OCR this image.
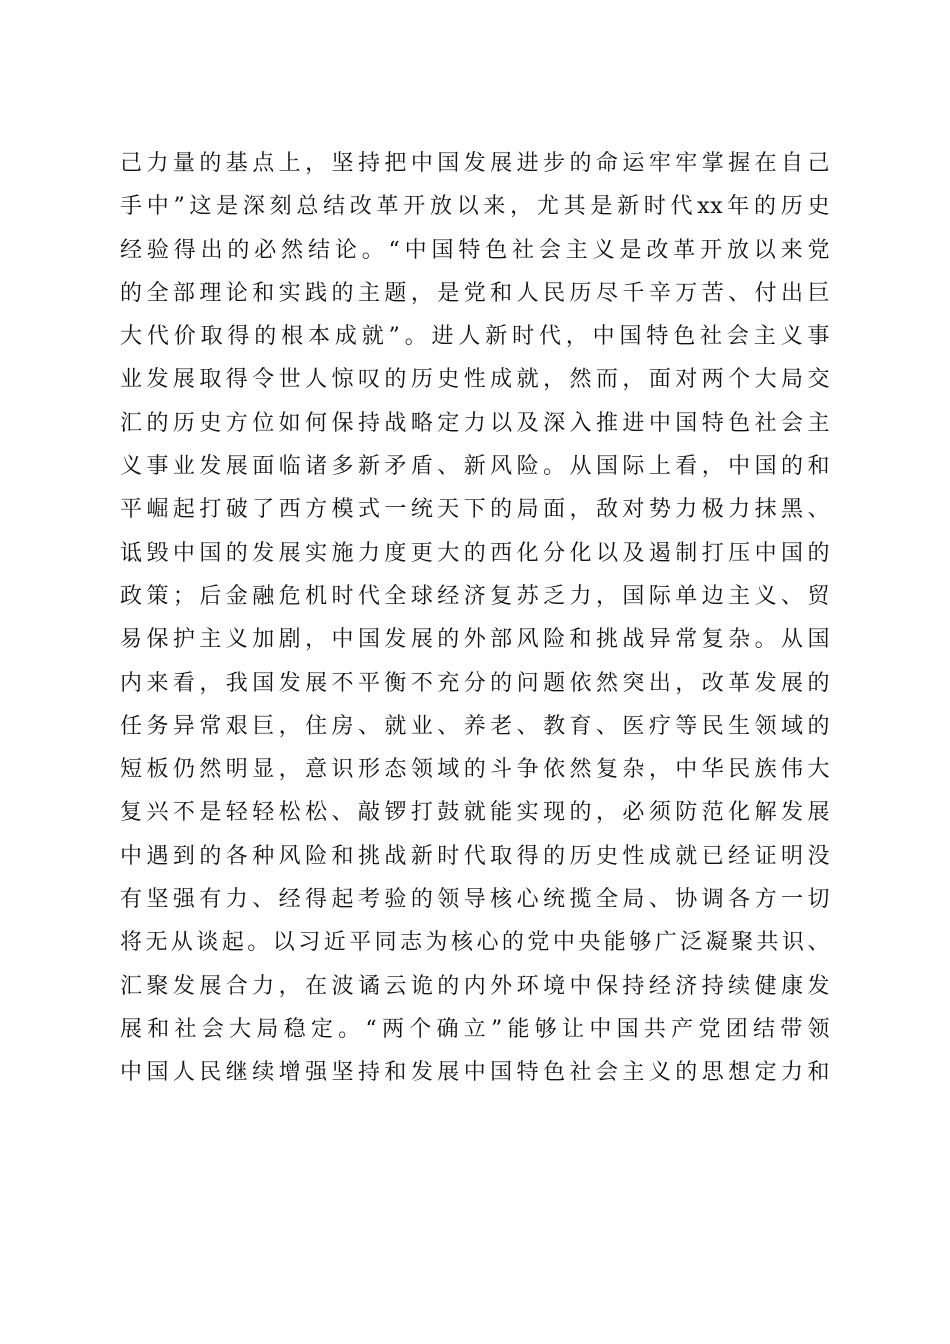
己力量的基点上，坚持把中国发展进步的命运牢牢掌握在自己
手中”这是深刻总结改革开放以来，尤其是新时代xx年的历史
经验得出的必然结论。“中国特色社会主义是改革开放以来党
的全部理论和实践的主题，是党和人民历尽千辛万苦、付出巨
大代价取得的根本成就”。进人新时代，中国特色社会主义事
业发展取得令世人惊叹的历史性成就，然而，面对两个大局交
汇的历史方位如何保持战略定力以及深入推进中国特色社会主
义事业发展面临诸多新矛盾、新风险。从国际上看，中国的和
平崛起打破了西方模式一统天下的局面，敌对势力极力抹黑、
诋毁中国的发展实施力度更大的西化分化以及遏制打压中国的
政策；后金融危机时代全球经济复苏乏力，国际单边主义、贸
易保护主义加剧，中国发展的外部风险和挑战异常复杂。从国
内来看，我国发展不平衡不充分的问题依然突出，改革发展的
任务异常艰巨，住房、就业、养老、教育、医疗等民生领域的
短板仍然明显，意识形态领域的斗争依然复杂，中华民族伟大
复兴不是轻轻松松、敲锣打鼓就能实现的，必须防范化解发展
中遇到的各种风险和挑战新时代取得的历史性成就已经证明没
有坚强有力、经得起考验的领导核心统揽全局、协调各方一切
将无从谈起。以习近平同志为核心的党中央能够广泛凝聚共识、
汇聚发展合力，在波谲云诡的内外环境中保持经济持续健康发
展和社会大局稳定。“两个确立”能够让中国共产党团结带领
中国人民继续增强坚持和发展中国特色社会主义的思想定力和
